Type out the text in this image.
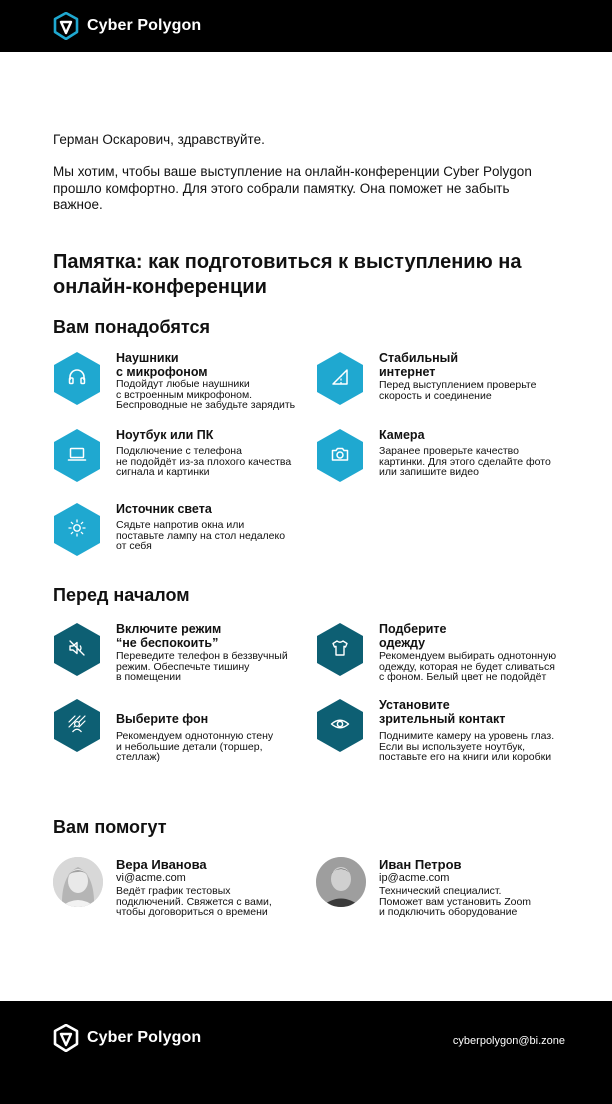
Cyber Polygon

Герман Оскарович, здравствуйте.

Мы хотим, чтобы ваше выступление на онлайн-конференции Cyber Polygon прошло комфортно. Для этого собрали памятку. Она поможет не забыть важное.

Памятка: как подготовиться к выступлению на онлайн-конференции
Вам понадобятся
Наушники
с микрофоном
Подойдут любые наушники
с встроенным микрофоном.
Беспроводные не забудьте зарядить
Стабильный
интернет
Перед выступлением проверьте
скорость и соединение
Ноутбук или ПК
Подключение с телефона
не подойдёт из-за плохого качества
сигнала и картинки
Камера
Заранее проверьте качество
картинки. Для этого сделайте фото
или запишите видео
Источник света
Сядьте напротив окна или
поставьте лампу на стол недалеко
от себя
Перед началом
Включите режим
“не беспокоить”
Переведите телефон в беззвучный
режим. Обеспечьте тишину
в помещении
Подберите
одежду
Рекомендуем выбирать однотонную
одежду, которая не будет сливаться
с фоном. Белый цвет не подойдёт
Выберите фон
Рекомендуем однотонную стену
и небольшие детали (торшер,
стеллаж)
Установите
зрительный контакт
Поднимите камеру на уровень глаз.
Если вы используете ноутбук,
поставьте его на книги или коробки
Вам помогут
Вера Иванова
vi@acme.com
Ведёт график тестовых
подключений. Свяжется с вами,
чтобы договориться о времени
Иван Петров
ip@acme.com
Технический специалист.
Поможет вам установить Zoom
и подключить оборудование
Cyber Polygon	cyberpolygon@bi.zone
